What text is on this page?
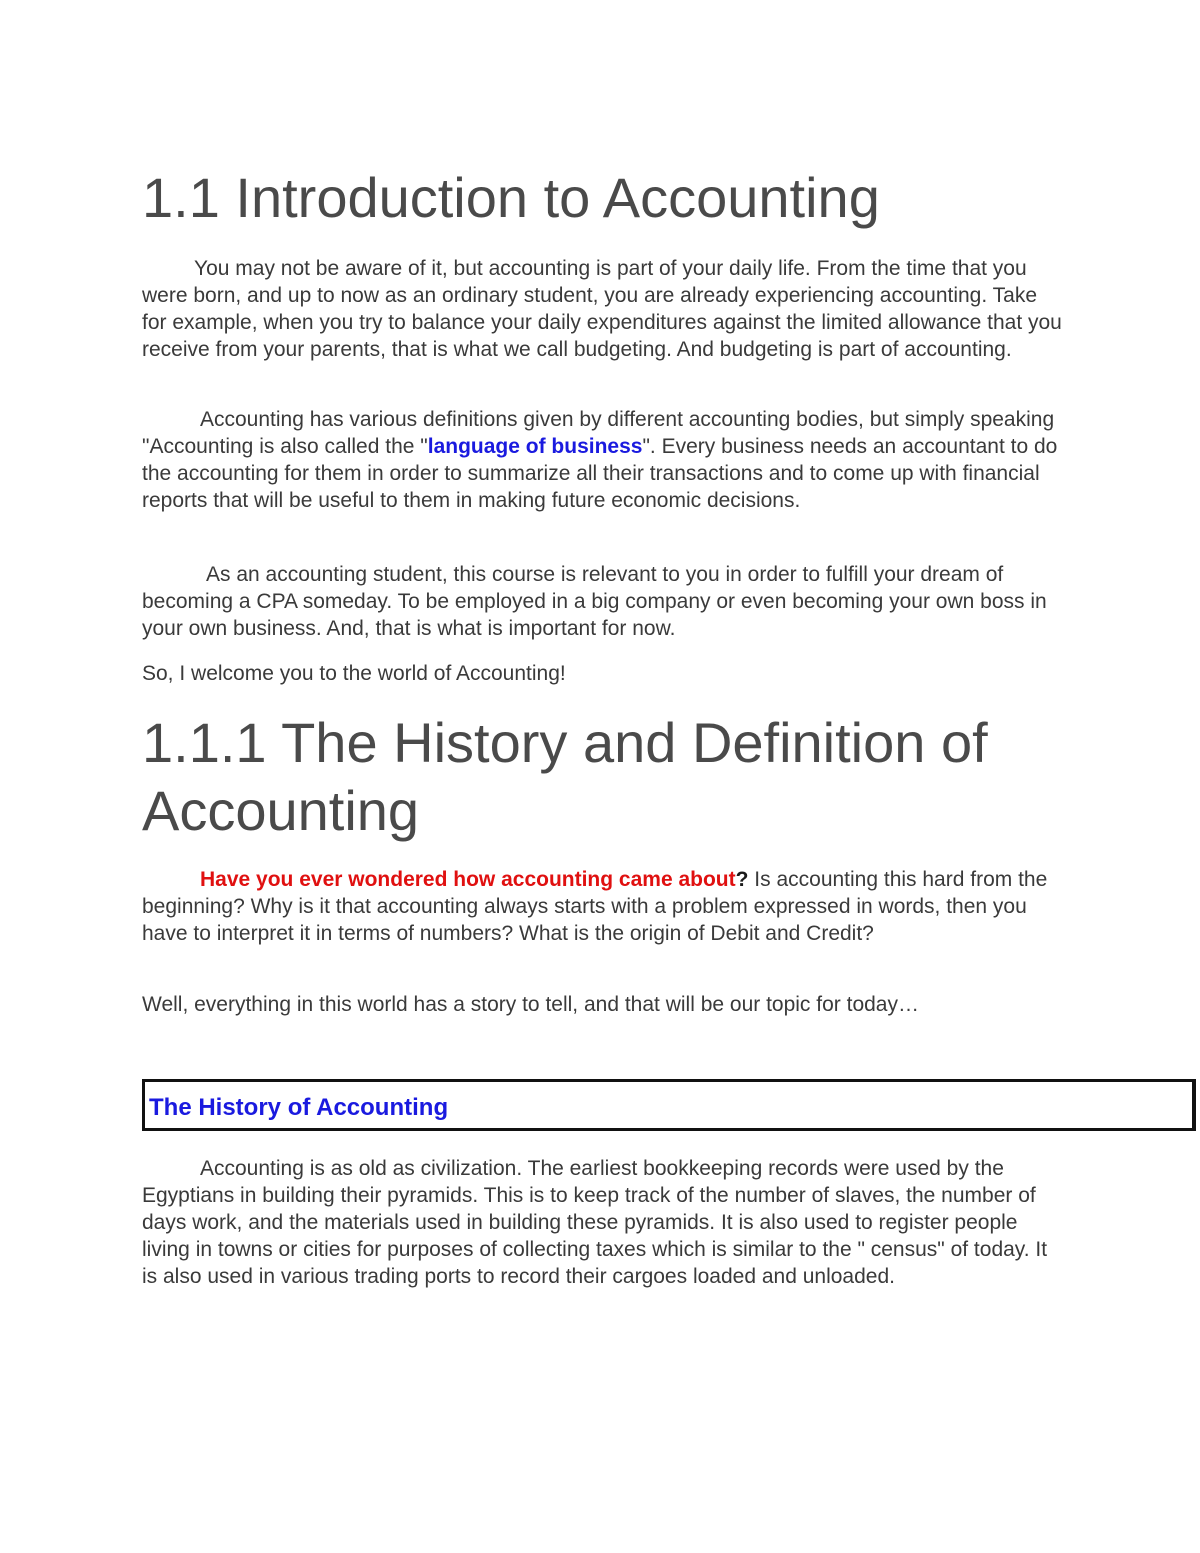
1.1 Introduction to Accounting

You may not be aware of it, but accounting is part of your daily life. From the time that you were born, and up to now as an ordinary student, you are already experiencing accounting. Take for example, when you try to balance your daily expenditures against the limited allowance that you receive from your parents, that is what we call budgeting. And budgeting is part of accounting.

Accounting has various definitions given by different accounting bodies, but simply speaking "Accounting is also called the "language of business". Every business needs an accountant to do the accounting for them in order to summarize all their transactions and to come up with financial reports that will be useful to them in making future economic decisions.

As an accounting student, this course is relevant to you in order to fulfill your dream of becoming a CPA someday. To be employed in a big company or even becoming your own boss in your own business. And, that is what is important for now.

So, I welcome you to the world of Accounting!

1.1.1 The History and Definition of
Accounting

Have you ever wondered how accounting came about? Is accounting this hard from the beginning? Why is it that accounting always starts with a problem expressed in words, then you have to interpret it in terms of numbers? What is the origin of Debit and Credit?

Well, everything in this world has a story to tell, and that will be our topic for today…

Accounting is as old as civilization. The earliest bookkeeping records were used by the Egyptians in building their pyramids. This is to keep track of the number of slaves, the number of days work, and the materials used in building these pyramids. It is also used to register people living in towns or cities for purposes of collecting taxes which is similar to the " census" of today. It is also used in various trading ports to record their cargoes loaded and unloaded.

The History of Accounting
